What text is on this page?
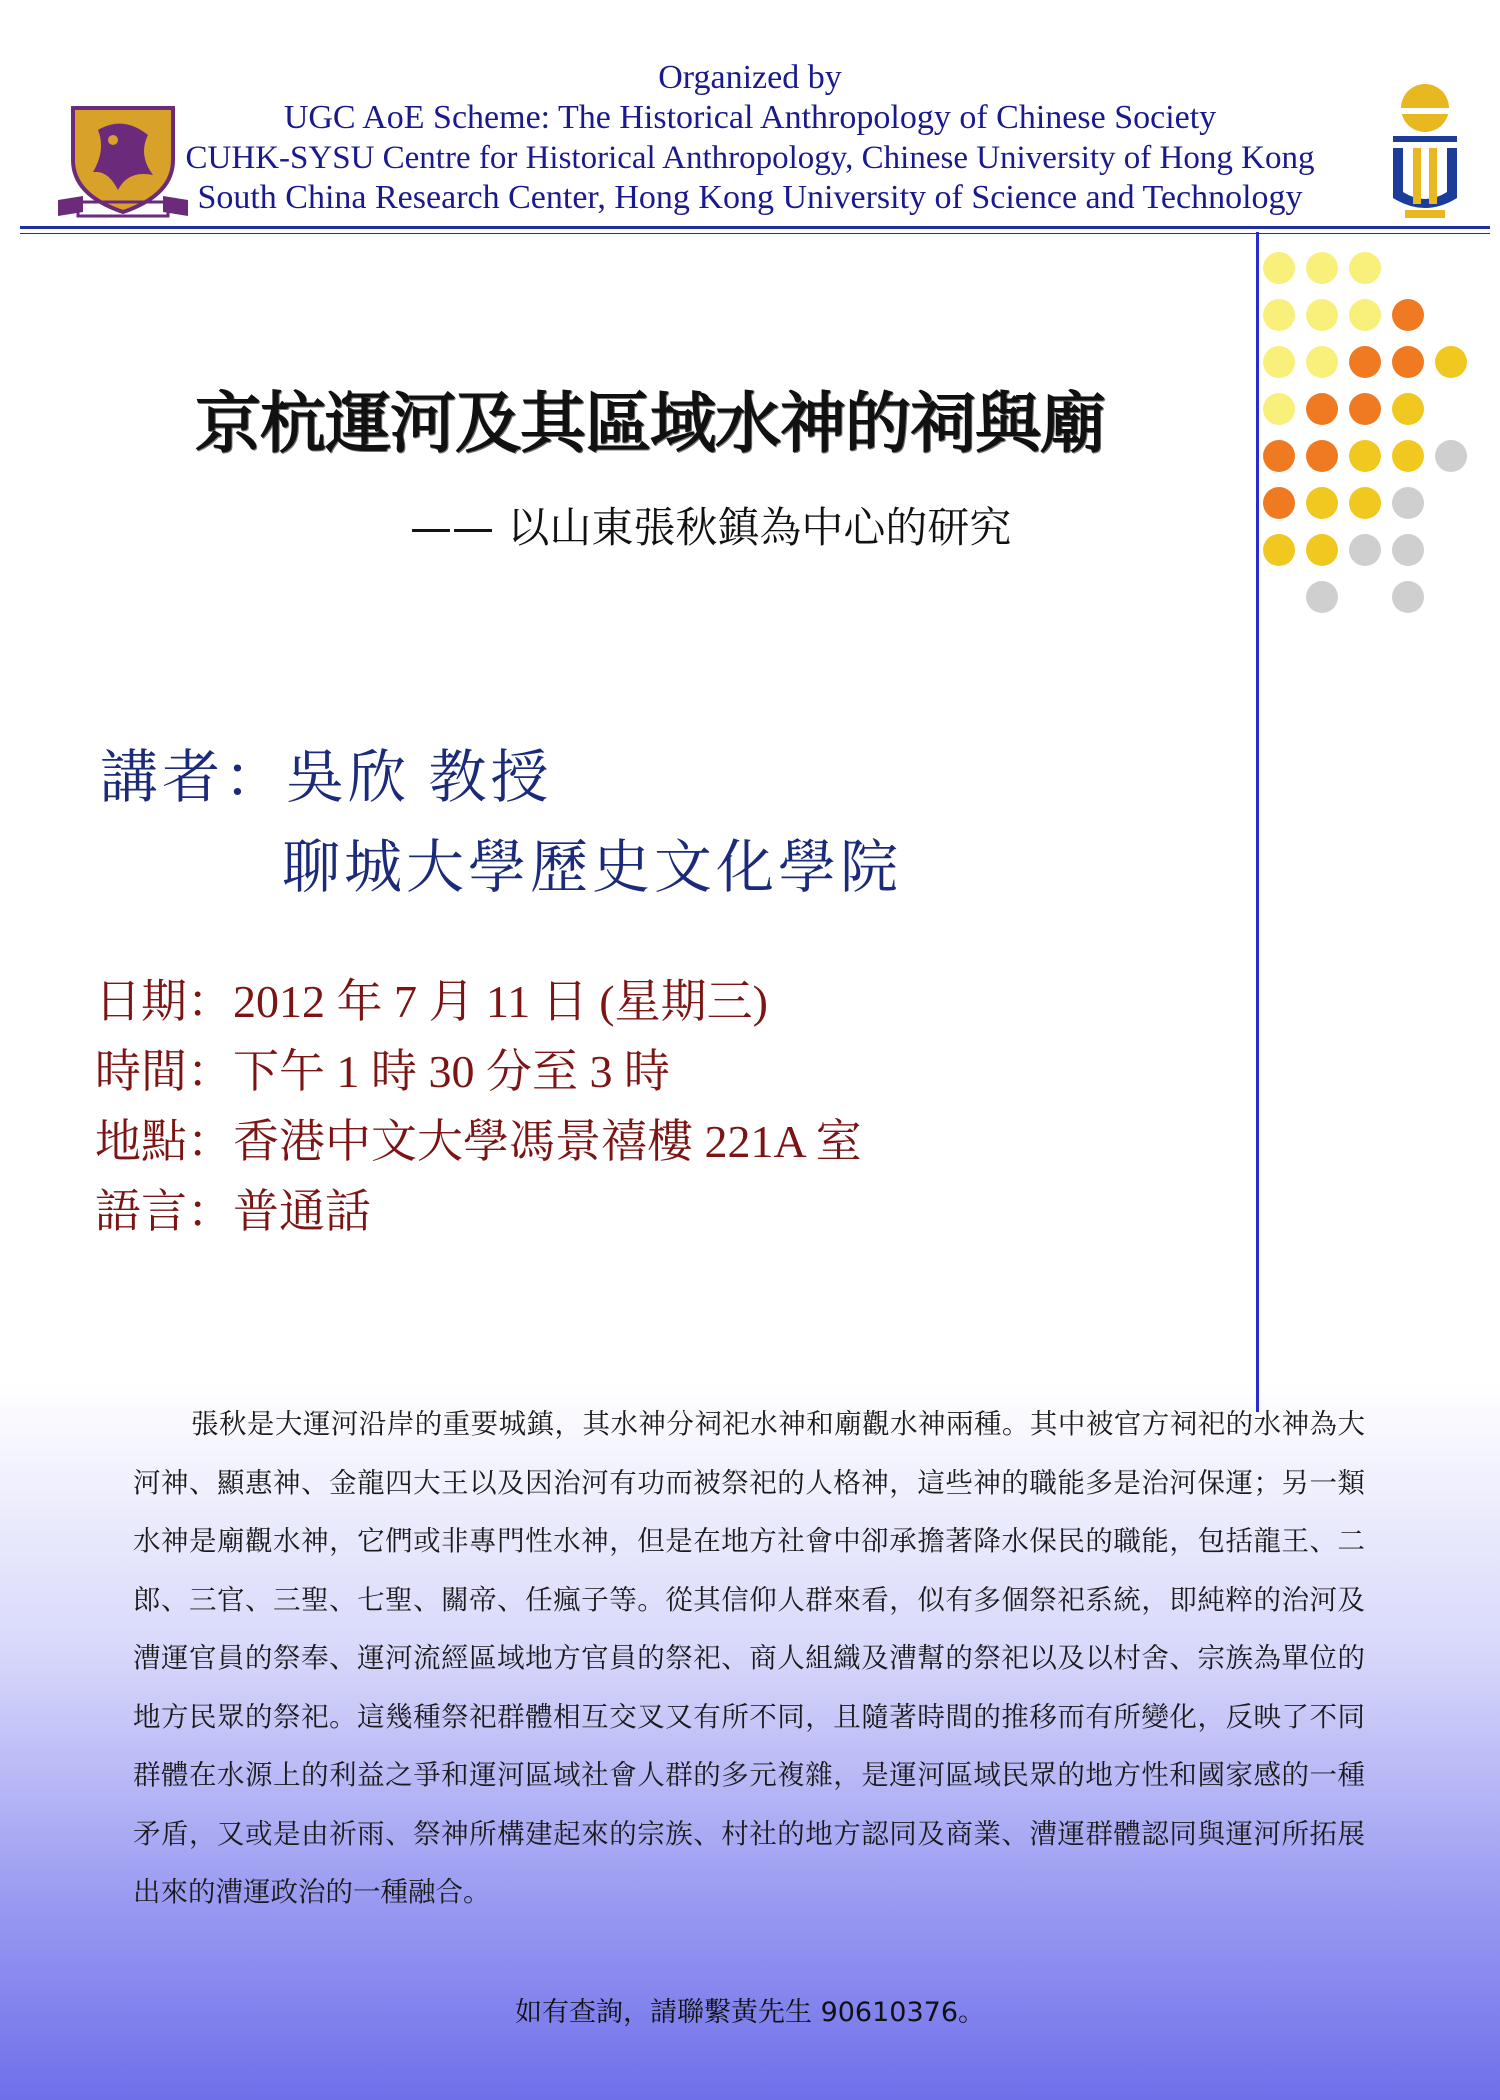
Organized by
UGC AoE Scheme: The Historical Anthropology of Chinese Society
CUHK-SYSU Centre for Historical Anthropology, Chinese University of Hong Kong
South China Research Center, Hong Kong University of Science and Technology
京杭運河及其區域水神的祠與廟
—— 以山東張秋鎮為中心的研究
講者：吳欣 教授
聊城大學歷史文化學院
日期：2012 年 7 月 11 日 (星期三)
時間：下午 1 時 30 分至 3 時
地點：香港中文大學馮景禧樓 221A 室
語言：普通話

張秋是大運河沿岸的重要城鎮，其水神分祠祀水神和廟觀水神兩種。其中被官方祠祀的水神為大河神、顯惠神、金龍四大王以及因治河有功而被祭祀的人格神，這些神的職能多是治河保運；另一類水神是廟觀水神，它們或非專門性水神，但是在地方社會中卻承擔著降水保民的職能，包括龍王、二郎、三官、三聖、七聖、關帝、任瘋子等。從其信仰人群來看，似有多個祭祀系統，即純粹的治河及漕運官員的祭奉、運河流經區域地方官員的祭祀、商人組織及漕幫的祭祀以及以村舍、宗族為單位的地方民眾的祭祀。這幾種祭祀群體相互交叉又有所不同，且隨著時間的推移而有所變化，反映了不同群體在水源上的利益之爭和運河區域社會人群的多元複雜，是運河區域民眾的地方性和國家感的一種矛盾，又或是由祈雨、祭神所構建起來的宗族、村社的地方認同及商業、漕運群體認同與運河所拓展出來的漕運政治的一種融合。

如有查詢，請聯繫黃先生 90610376。
